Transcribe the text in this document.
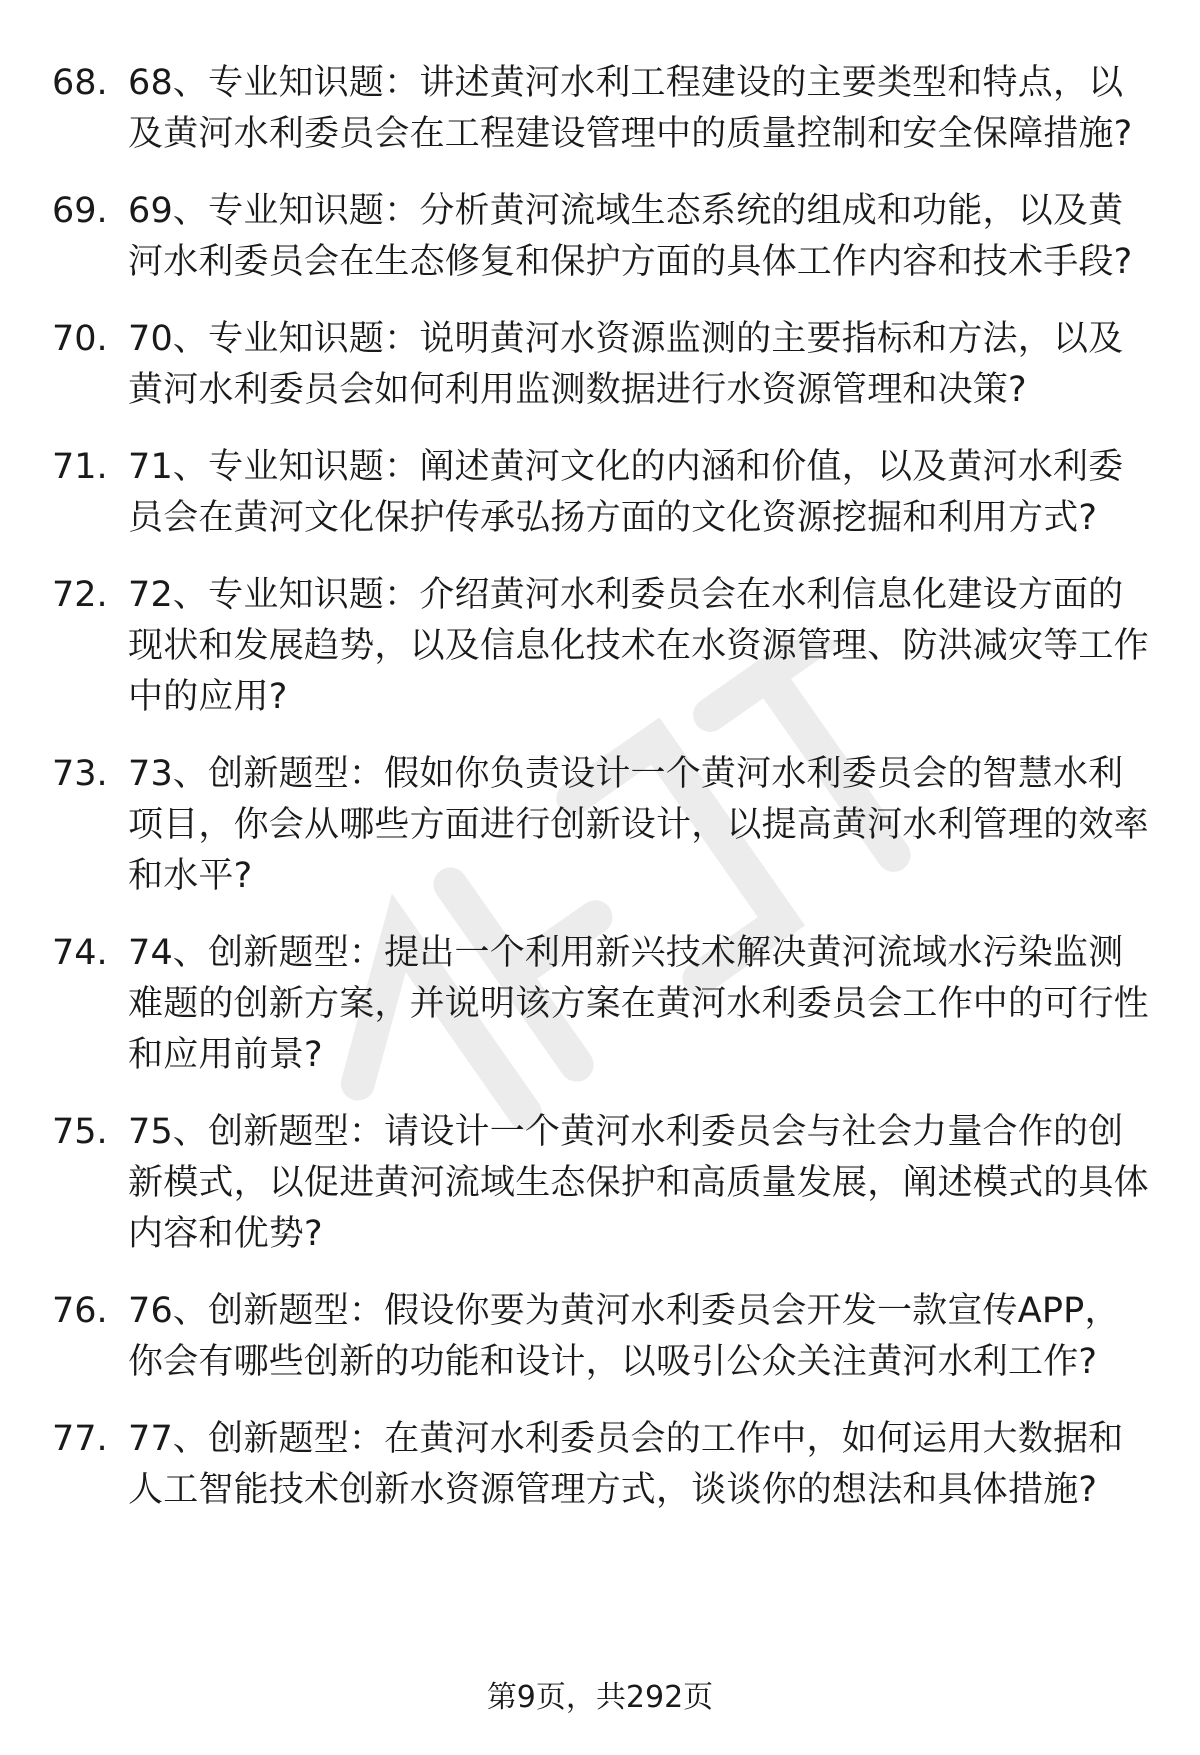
68. 68、专业知识题：讲述黄河水利工程建设的主要类型和特点，以及黄河水利委员会在工程建设管理中的质量控制和安全保障措施?
69. 69、专业知识题：分析黄河流域生态系统的组成和功能，以及黄河水利委员会在生态修复和保护方面的具体工作内容和技术手段?
70. 70、专业知识题：说明黄河水资源监测的主要指标和方法，以及黄河水利委员会如何利用监测数据进行水资源管理和决策?
71. 71、专业知识题：阐述黄河文化的内涵和价值，以及黄河水利委员会在黄河文化保护传承弘扬方面的文化资源挖掘和利用方式?
72. 72、专业知识题：介绍黄河水利委员会在水利信息化建设方面的现状和发展趋势，以及信息化技术在水资源管理、防洪减灾等工作中的应用?
73. 73、创新题型：假如你负责设计一个黄河水利委员会的智慧水利项目，你会从哪些方面进行创新设计，以提高黄河水利管理的效率和水平?
74. 74、创新题型：提出一个利用新兴技术解决黄河流域水污染监测难题的创新方案，并说明该方案在黄河水利委员会工作中的可行性和应用前景?
75. 75、创新题型：请设计一个黄河水利委员会与社会力量合作的创新模式，以促进黄河流域生态保护和高质量发展，阐述模式的具体内容和优势?
76. 76、创新题型：假设你要为黄河水利委员会开发一款宣传APP，你会有哪些创新的功能和设计，以吸引公众关注黄河水利工作?
77. 77、创新题型：在黄河水利委员会的工作中，如何运用大数据和人工智能技术创新水资源管理方式，谈谈你的想法和具体措施?
第9页，共292页
